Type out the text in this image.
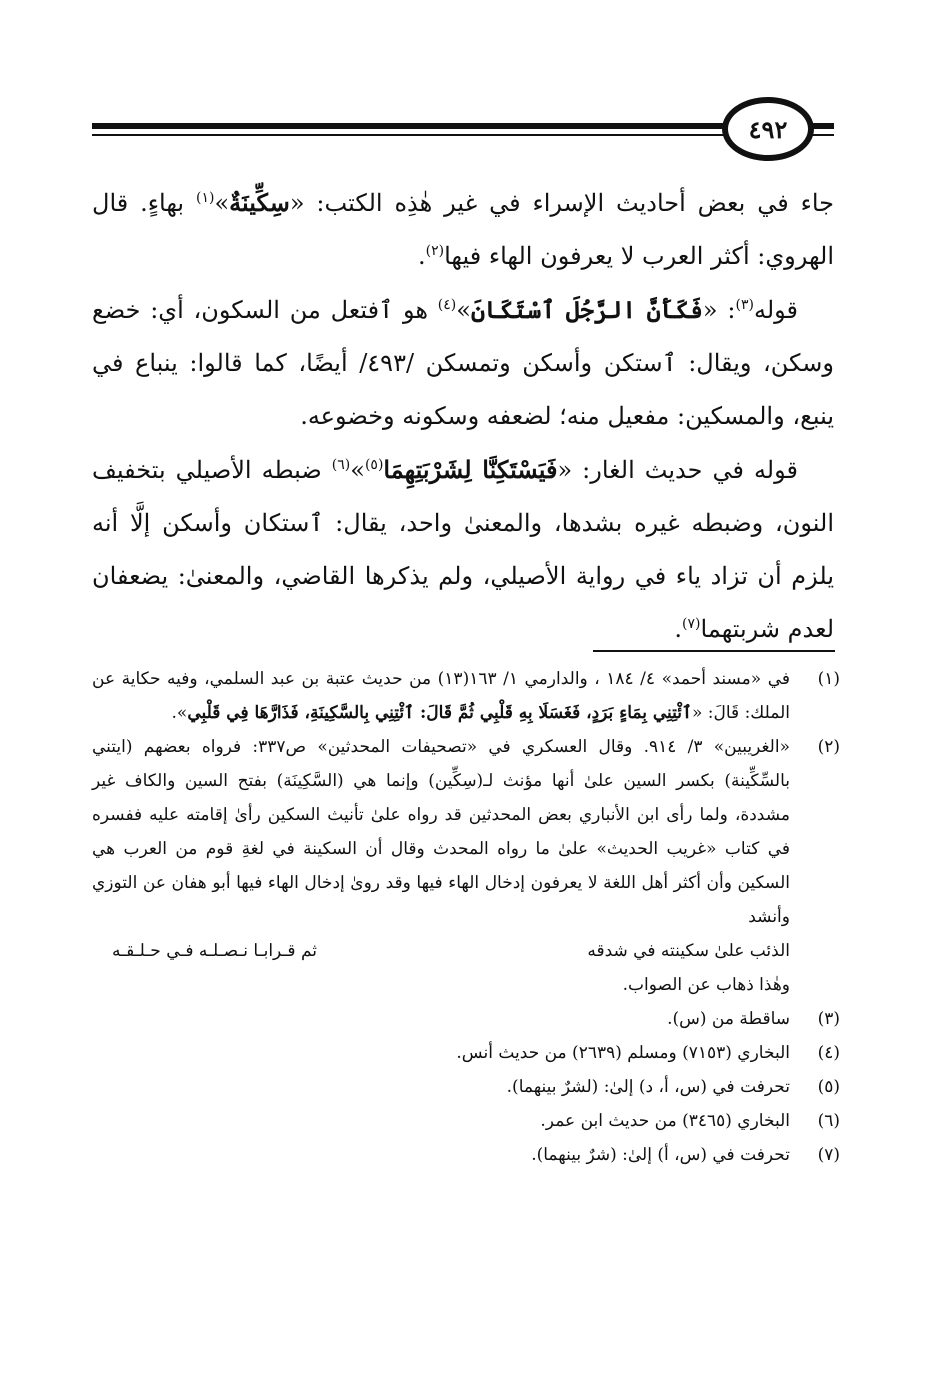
٤٩٢

جاء في بعض أحاديث الإسراء في غير هٰذِه الكتب: «سِكِّينَةٌ»$^{(١)}$ بهاءٍ. قال الهروي: أكثر العرب لا يعرفون الهاء فيها$^{(٢)}$.

قوله$^{(٣)}$: «فَكَأَنَّ الرَّجُلَ ٱسْتَكَانَ»$^{(٤)}$ هو ٱفتعل من السكون، أي: خضع وسكن، ويقال: ٱستكن وأسكن وتمسكن /٤٩٣/ أيضًا، كما قالوا: ينباع في ينبع، والمسكين: مفعيل منه؛ لضعفه وسكونه وخضوعه.

قوله في حديث الغار: «فَيَسْتَكِنَّا لِشَرْبَتِهِمَا$^{(٥)}$»$^{(٦)}$ ضبطه الأصيلي بتخفيف النون، وضبطه غيره بشدها، والمعنىٰ واحد، يقال: ٱستكان وأسكن إلَّا أنه يلزم أن تزاد ياء في رواية الأصيلي، ولم يذكرها القاضي، والمعنىٰ: يضعفان لعدم شربتهما$^{(٧)}$.

(١)
في «مسند أحمد» ٤/ ١٨٤ ، والدارمي ١/ ١٦٣(١٣) من حديث عتبة بن عبد السلمي، وفيه حكاية عن الملك: قَالَ: «ٱئْتِنِي بِمَاءٍ بَرَدٍ، فَغَسَلَا بِهِ قَلْبِي ثُمَّ قَالَ: ٱئْتِنِي بِالسَّكِينَةِ، فَذَارَّهَا فِي قَلْبِي».
(٢)

«الغريبين» ٣/ ٩١٤. وقال العسكري في «تصحيفات المحدثين» ص٣٣٧: فرواه بعضهم (ايتني بالسِّكِّينة) بكسر السين علىٰ أنها مؤنث لـ(سِكِّين) وإنما هي (السَّكِينَة) بفتح السين والكاف غير مشددة، ولما رأى ابن الأنباري بعض المحدثين قد رواه علىٰ تأنيث السكين رأىٰ إقامته عليه ففسره في كتاب «غريب الحديث» علىٰ ما رواه المحدث وقال أن السكينة في لغةِ قوم من العرب هي السكين وأن أكثر أهل اللغة لا يعرفون إدخال الهاء فيها وقد روىٰ إدخال الهاء فيها أبو هفان عن التوزي وأنشد

الذئب علىٰ سكينته في شدقه
ثم قـرابـا نـصـلـه فـي حـلـقـه

وهٰذا ذهاب عن الصواب.

(٣)
ساقطة من (س).
(٤)
البخاري (٧١٥٣) ومسلم (٢٦٣٩) من حديث أنس.
(٥)
تحرفت في (س، أ، د) إلىٰ: (لشرٌ بينهما).
(٦)
البخاري (٣٤٦٥) من حديث ابن عمر.
(٧)
تحرفت في (س، أ) إلىٰ: (شرٌ بينهما).
